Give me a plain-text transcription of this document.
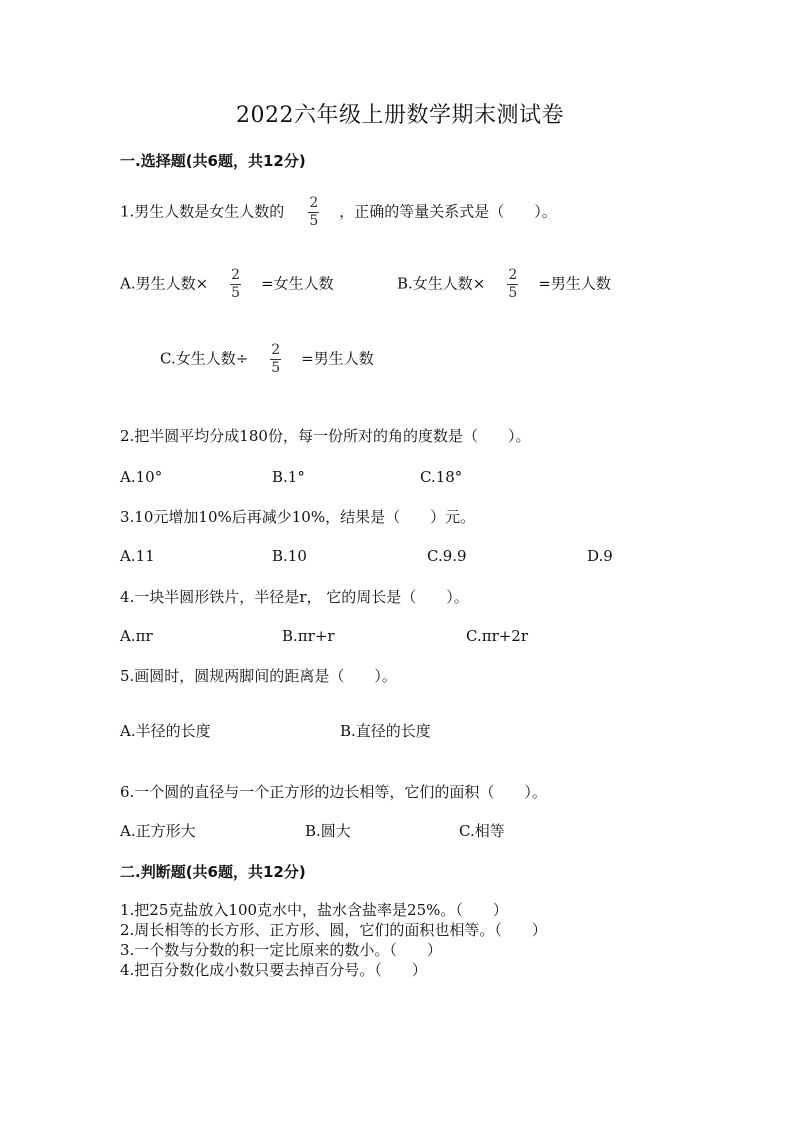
2022六年级上册数学期末测试卷
一.选择题(共6题，共12分)
1.男生人数是女生人数的 $\frac{2}{5}$ ，正确的等量关系式是（　　）。
A.男生人数× $\frac{2}{5}$ =女生人数	B.女生人数× $\frac{2}{5}$ =男生人数
C.女生人数÷ $\frac{2}{5}$ =男生人数
2.把半圆平均分成180份，每一份所对的角的度数是（　　）。
A.10°	B.1°	C.18°
3.10元增加10%后再减少10%，结果是（　　）元。
A.11	B.10	C.9.9	D.9
4.一块半圆形铁片，半径是r， 它的周长是（　　）。
A.πr	B.πr+r	C.πr+2r
5.画圆时，圆规两脚间的距离是（　　）。
A.半径的长度	B.直径的长度
6.一个圆的直径与一个正方形的边长相等，它们的面积（　　）。
A.正方形大	B.圆大	C.相等
二.判断题(共6题，共12分)
1.把25克盐放入100克水中，盐水含盐率是25%。（　　）
2.周长相等的长方形、正方形、圆，它们的面积也相等。（　　）
3.一个数与分数的积一定比原来的数小。（　　）
4.把百分数化成小数只要去掉百分号。（　　）
